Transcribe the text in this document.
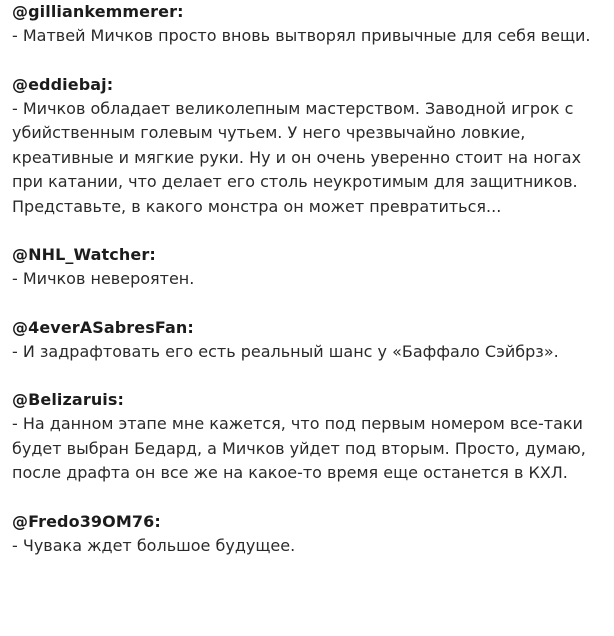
@gilliankemmerer:

- Матвей Мичков просто вновь вытворял привычные для себя вещи.

@eddiebaj:

- Мичков обладает великолепным мастерством. Заводной игрок с убийственным голевым чутьем. У него чрезвычайно ловкие, креативные и мягкие руки. Ну и он очень уверенно стоит на ногах при катании, что делает его столь неукротимым для защитников.

Представьте, в какого монстра он может превратиться...

@NHL_Watcher:

- Мичков невероятен.

@4everASabresFan:

- И задрафтовать его есть реальный шанс у «Баффало Сэйбрз».

@Belizaruis:

- На данном этапе мне кажется, что под первым номером все-таки будет выбран Бедард, а Мичков уйдет под вторым. Просто, думаю, после драфта он все же на какое-то время еще останется в КХЛ.

@Fredo39OM76:

- Чувака ждет большое будущее.
